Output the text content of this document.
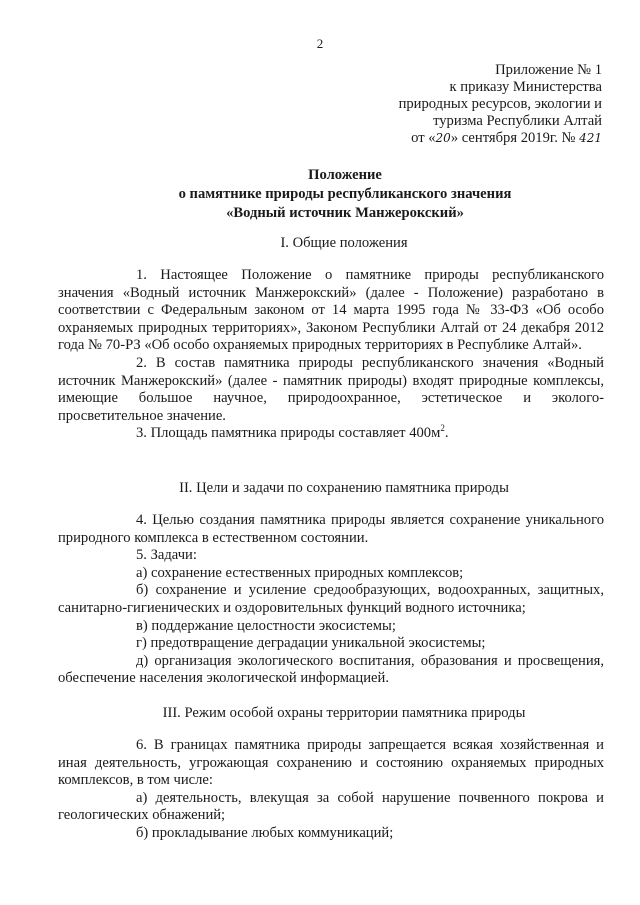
2
Приложение № 1
к приказу Министерства
природных ресурсов, экологии и
туризма Республики Алтай
от «20» сентября 2019г. № 421
Положение
о памятнике природы республиканского значения
«Водный источник Манжерокский»
I. Общие положения

1. Настоящее Положение о памятнике природы республиканского значения «Водный источник Манжерокский» (далее - Положение) разработано в соответствии с Федеральным законом от 14 марта 1995 года № 33-ФЗ «Об особо охраняемых природных территориях», Законом Республики Алтай от 24 декабря 2012 года № 70-РЗ «Об особо охраняемых природных территориях в Республике Алтай».

2. В состав памятника природы республиканского значения «Водный источник Манжерокский» (далее - памятник природы) входят природные комплексы, имеющие большое научное, природоохранное, эстетическое и эколого-просветительное значение.

3. Площадь памятника природы составляет $400м^2$.

II. Цели и задачи по сохранению памятника природы

4. Целью создания памятника природы является сохранение уникального природного комплекса в естественном состоянии.

5. Задачи:

а) сохранение естественных природных комплексов;

б) сохранение и усиление средообразующих, водоохранных, защитных, санитарно-гигиенических и оздоровительных функций водного источника;

в) поддержание целостности экосистемы;

г) предотвращение деградации уникальной экосистемы;

д) организация экологического воспитания, образования и просвещения, обеспечение населения экологической информацией.

III. Режим особой охраны территории памятника природы

6. В границах памятника природы запрещается всякая хозяйственная и иная деятельность, угрожающая сохранению и состоянию охраняемых природных комплексов, в том числе:

а) деятельность, влекущая за собой нарушение почвенного покрова и геологических обнажений;

б) прокладывание любых коммуникаций;
